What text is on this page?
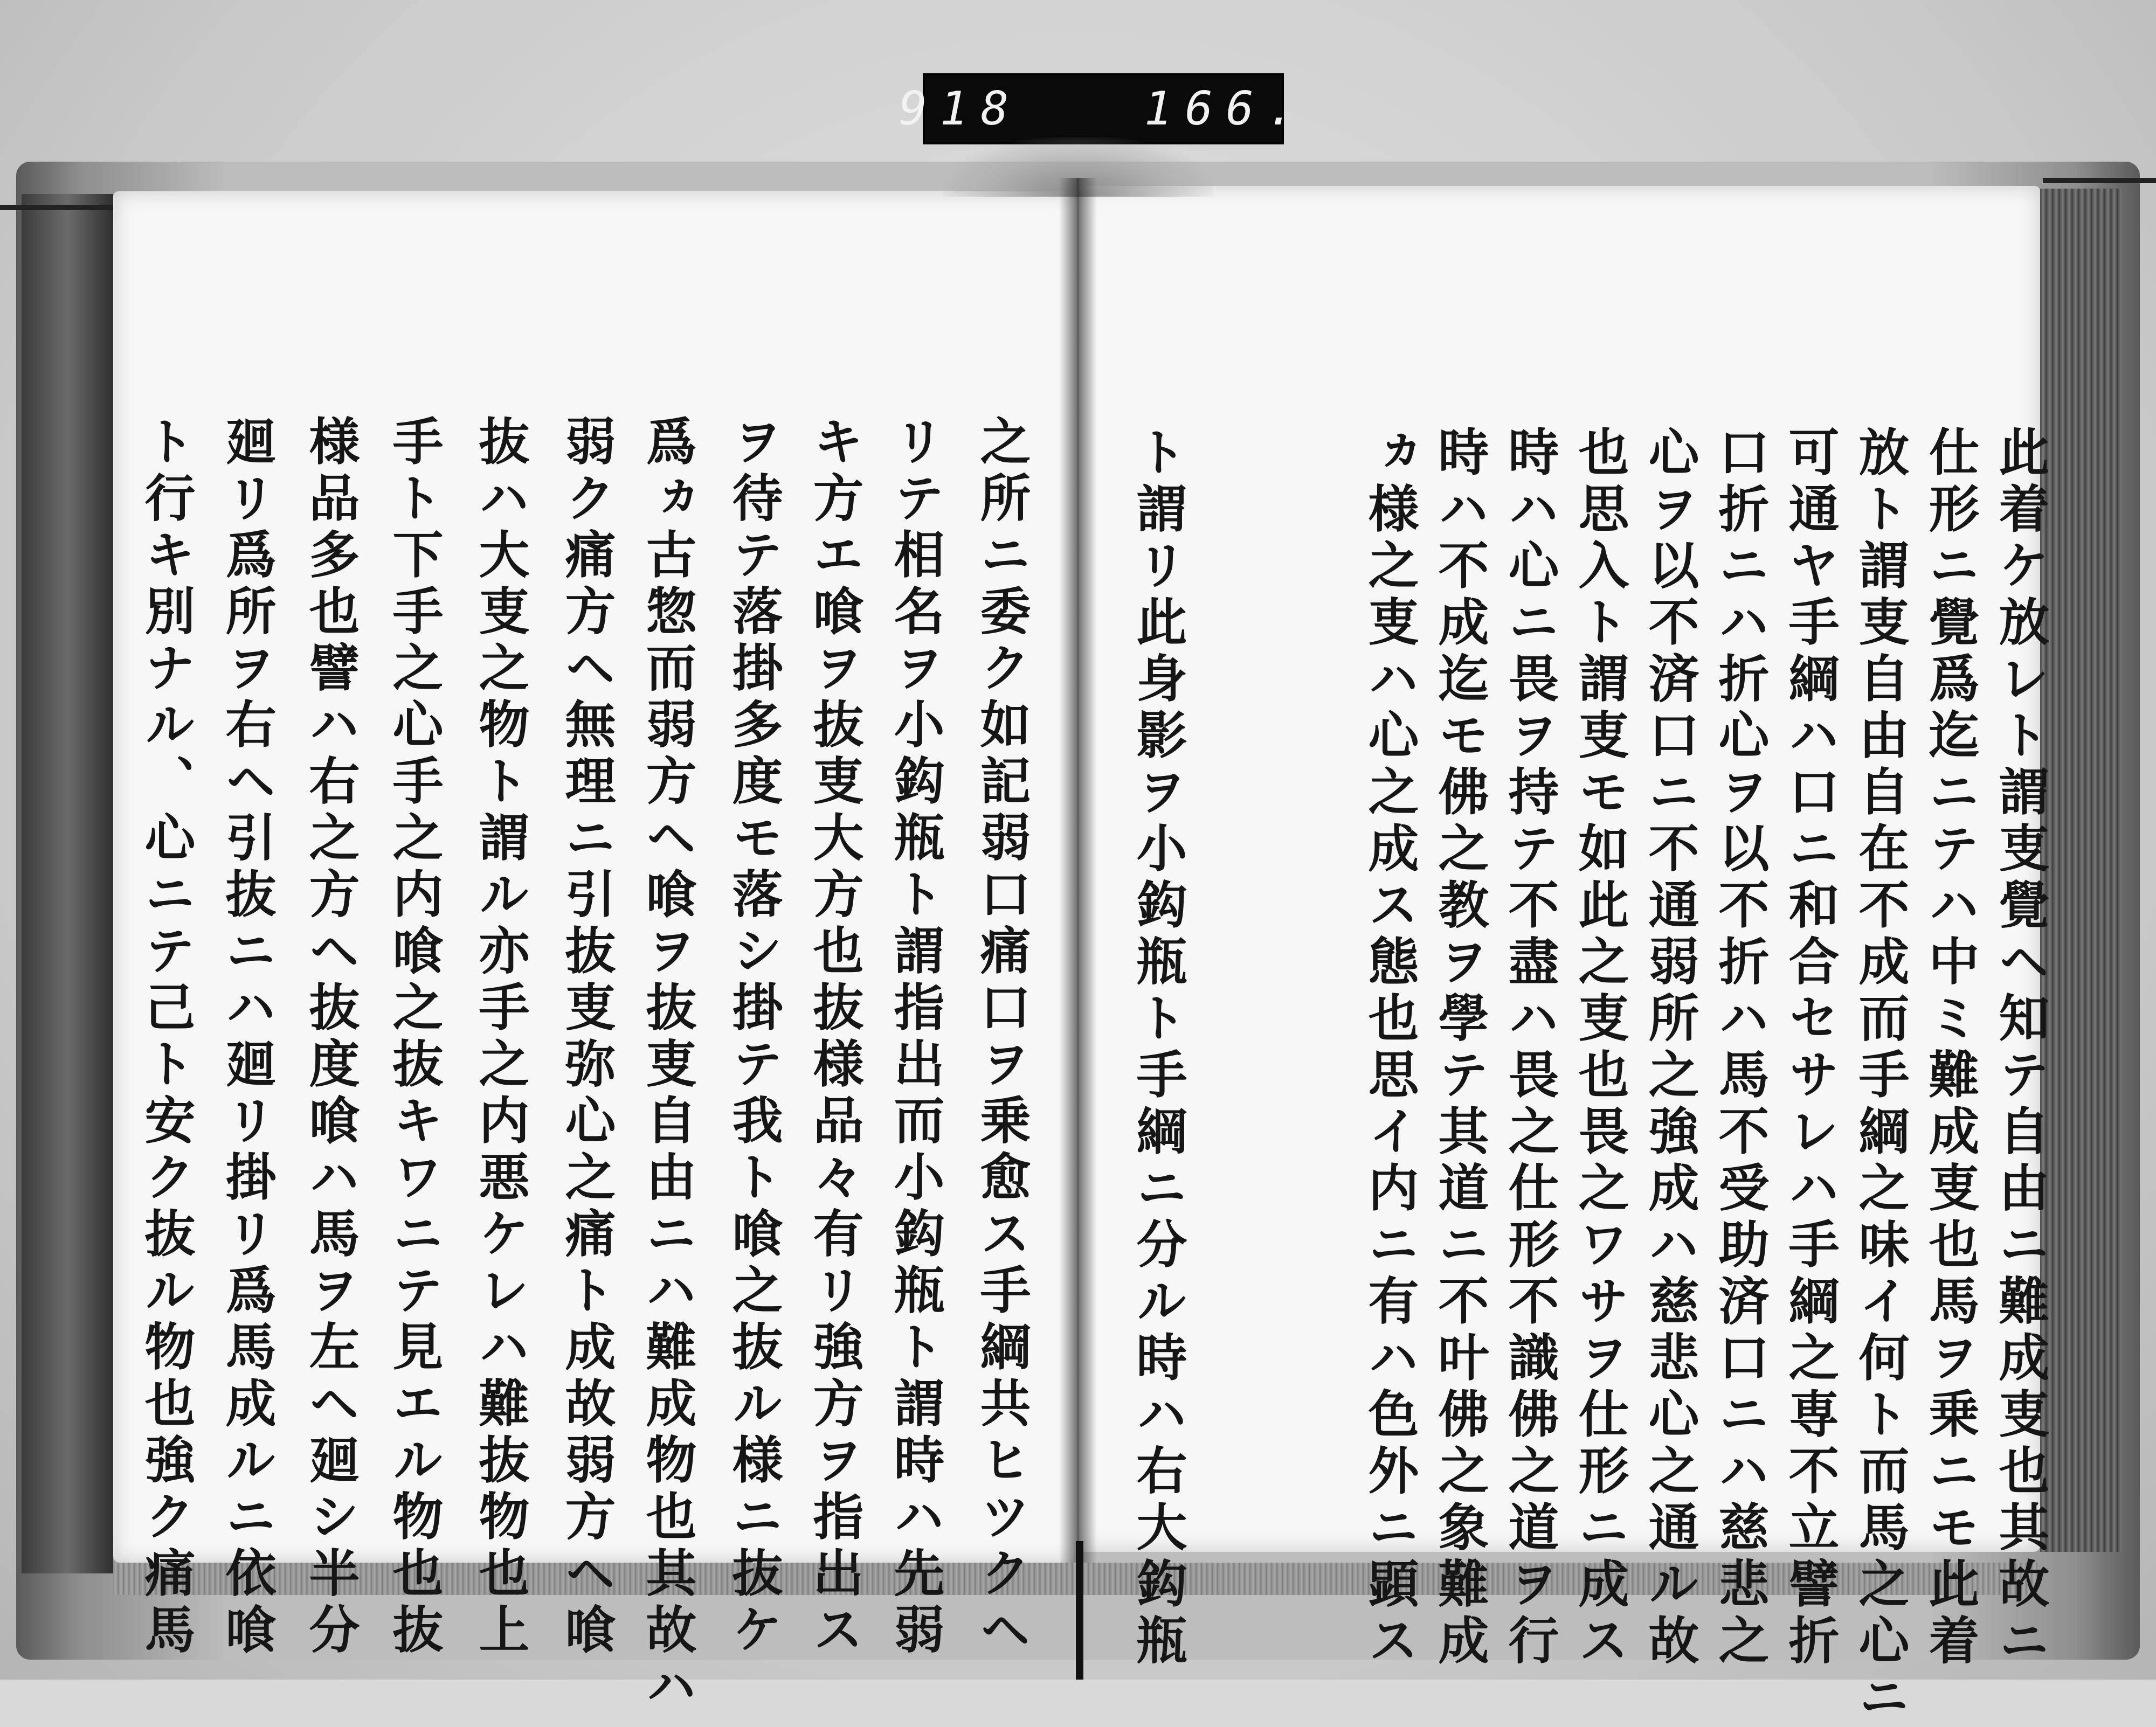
918   166.
此着ケ放レト謂叓覺ヘ知テ自由ニ難成叓也其故ニ
仕形ニ覺爲迄ニテハ中ミ難成叓也馬ヲ乗ニモ此着
放ト謂叓自由自在不成而手綱之味イ何ト而馬之心ニ
可通ヤ手綱ハ口ニ和合セサレハ手綱之専不立譬折
口折ニハ折心ヲ以不折ハ馬不受助済口ニハ慈悲之
心ヲ以不済口ニ不通弱所之強成ハ慈悲心之通ル故
也思入ト謂叓モ如此之叓也畏之ワサヲ仕形ニ成ス
時ハ心ニ畏ヲ持テ不盡ハ畏之仕形不識佛之道ヲ行
時ハ不成迄モ佛之教ヲ學テ其道ニ不叶佛之象難成
ヵ様之叓ハ心之成ス態也思イ内ニ有ハ色外ニ顕ス
ト謂リ此身影ヲ小鈎瓶ト手綱ニ分ル時ハ右大鈎瓶
之所ニ委ク如記弱口痛口ヲ乗愈ス手綱共ヒツクヘ
リテ相名ヲ小鈎瓶ト謂指出而小鈎瓶ト謂時ハ先弱
キ方エ喰ヲ抜叓大方也抜様品々有リ強方ヲ指出ス
ヲ待テ落掛多度モ落シ掛テ我ト喰之抜ル様ニ抜ケ
爲ヵ古惣而弱方ヘ喰ヲ抜叓自由ニハ難成物也其故ハ
弱ク痛方ヘ無理ニ引抜叓弥心之痛ト成故弱方ヘ喰
抜ハ大叓之物ト謂ル亦手之内悪ケレハ難抜物也上
手ト下手之心手之内喰之抜キワニテ見エル物也抜
様品多也譬ハ右之方ヘ抜度喰ハ馬ヲ左ヘ廻シ半分
廻リ爲所ヲ右ヘ引抜ニハ廻リ掛リ爲馬成ルニ依喰
ト行キ別ナル、心ニテ己ト安ク抜ル物也強ク痛馬
